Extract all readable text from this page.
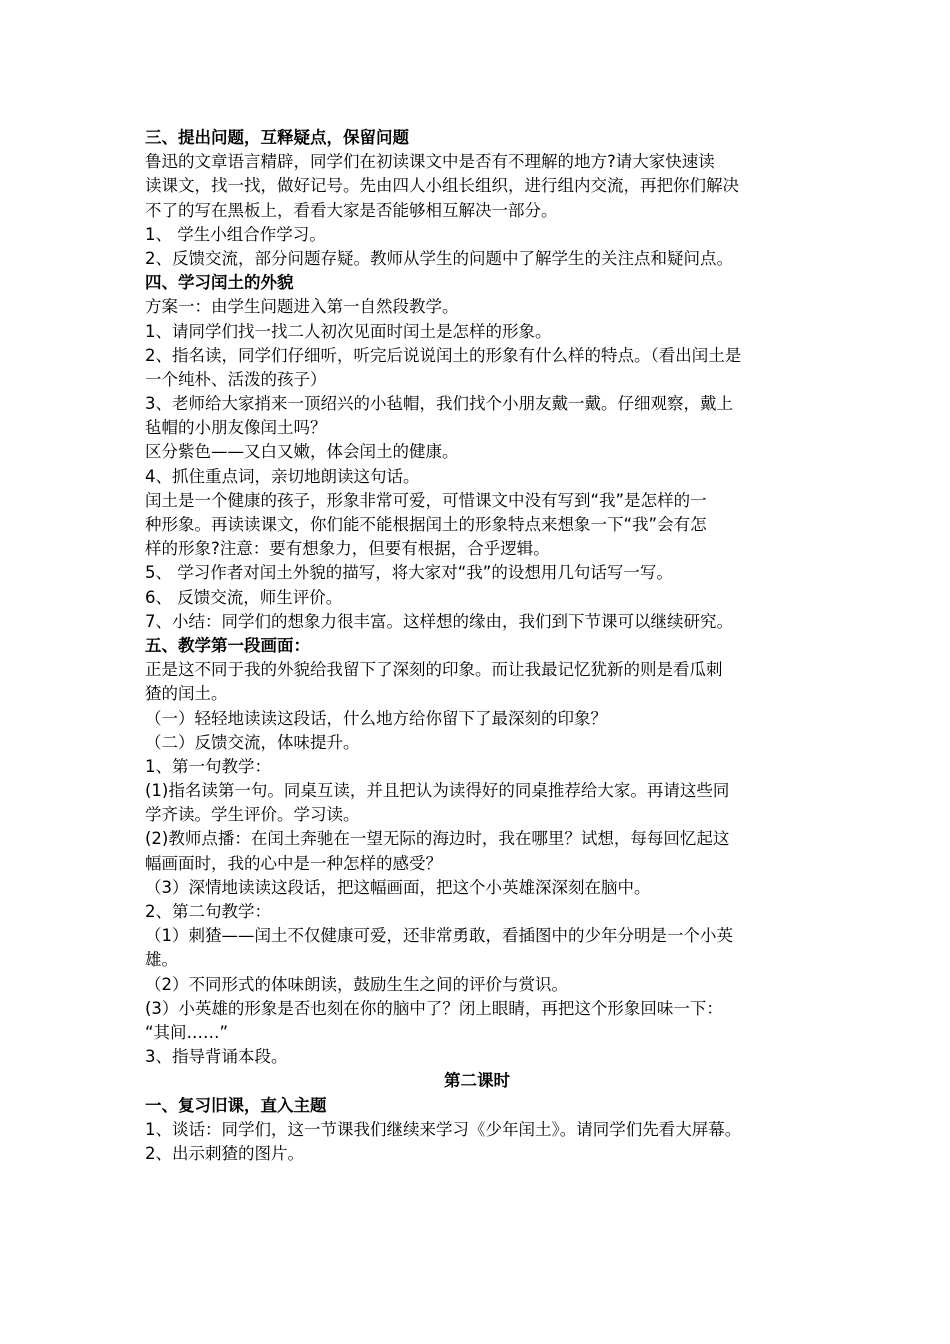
三、提出问题，互释疑点，保留问题
鲁迅的文章语言精辟，同学们在初读课文中是否有不理解的地方?请大家快速读
读课文，找一找，做好记号。先由四人小组长组织，进行组内交流，再把你们解决
不了的写在黑板上，看看大家是否能够相互解决一部分。
1、 学生小组合作学习。
2、反馈交流，部分问题存疑。教师从学生的问题中了解学生的关注点和疑问点。
四、学习闰土的外貌
方案一：由学生问题进入第一自然段教学。
1、请同学们找一找二人初次见面时闰土是怎样的形象。
2、指名读，同学们仔细听，听完后说说闰土的形象有什么样的特点。（看出闰土是
一个纯朴、活泼的孩子）
3、老师给大家捎来一顶绍兴的小毡帽，我们找个小朋友戴一戴。仔细观察，戴上
毡帽的小朋友像闰土吗？
区分紫色——又白又嫩，体会闰土的健康。
4、抓住重点词，亲切地朗读这句话。
闰土是一个健康的孩子，形象非常可爱，可惜课文中没有写到“我”是怎样的一
种形象。再读读课文，你们能不能根据闰土的形象特点来想象一下“我”会有怎
样的形象?注意：要有想象力，但要有根据，合乎逻辑。
5、 学习作者对闰土外貌的描写，将大家对“我”的设想用几句话写一写。
6、 反馈交流，师生评价。
7、小结：同学们的想象力很丰富。这样想的缘由，我们到下节课可以继续研究。
五、教学第一段画面：
正是这不同于我的外貌给我留下了深刻的印象。而让我最记忆犹新的则是看瓜刺
猹的闰土。
（一）轻轻地读读这段话，什么地方给你留下了最深刻的印象？
（二）反馈交流，体味提升。
1、第一句教学：
(1)指名读第一句。同桌互读，并且把认为读得好的同桌推荐给大家。再请这些同
学齐读。学生评价。学习读。
(2)教师点播：在闰土奔驰在一望无际的海边时，我在哪里？试想，每每回忆起这
幅画面时，我的心中是一种怎样的感受？
（3）深情地读读这段话，把这幅画面，把这个小英雄深深刻在脑中。
2、第二句教学：
（1）刺猹——闰土不仅健康可爱，还非常勇敢，看插图中的少年分明是一个小英
雄。
（2）不同形式的体味朗读，鼓励生生之间的评价与赏识。
(3）小英雄的形象是否也刻在你的脑中了？闭上眼睛，再把这个形象回味一下：
“其间……”
3、指导背诵本段。
第二课时
一、复习旧课，直入主题
1、谈话：同学们，这一节课我们继续来学习《少年闰土》。请同学们先看大屏幕。
2、出示刺猹的图片。
